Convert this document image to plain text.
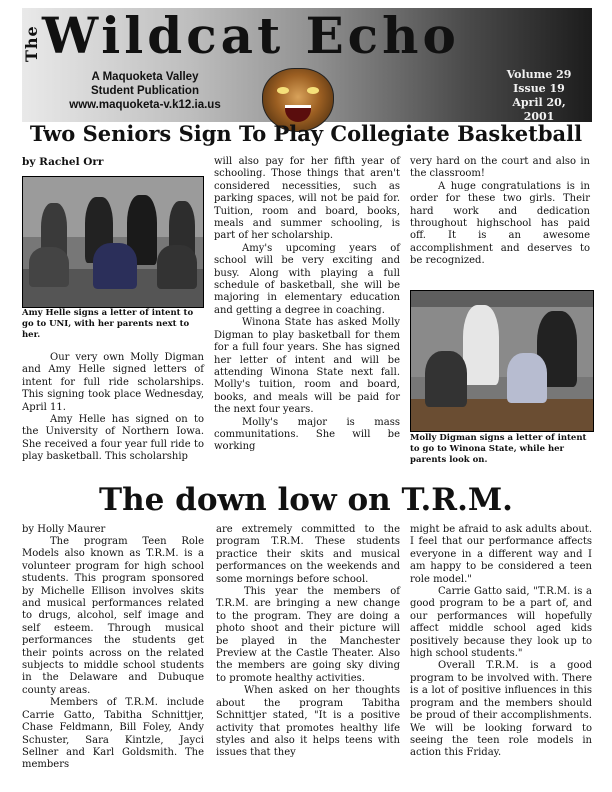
The Wildcat Echo
A Maquoketa Valley
Student Publication
www.maquoketa-v.k12.ia.us
Volume 29
Issue 19
April 20, 2001
Two Seniors Sign To Play Collegiate Basketball
by Rachel Orr
Amy Helle signs a letter of intent to go to UNI, with her parents next to her.

Our very own Molly Digman and Amy Helle signed letters of intent for full ride scholarships. This signing took place Wednesday, April 11.

Amy Helle has signed on to the University of Northern Iowa. She received a four year full ride to play basketball. This scholarship

will also pay for her fifth year of schooling. Those things that aren't considered necessities, such as parking spaces, will not be paid for. Tuition, room and board, books, meals and summer schooling, is part of her scholarship.

Amy's upcoming years of school will be very exciting and busy. Along with playing a full schedule of basketball, she will be majoring in elementary education and getting a degree in coaching.

Winona State has asked Molly Digman to play basketball for them for a full four years. She has signed her letter of intent and will be attending Winona State next fall. Molly's tuition, room and board, books, and meals will be paid for the next four years.

Molly's major is mass communitations. She will be working

very hard on the court and also in the classroom!

A huge congratulations is in order for these two girls. Their hard work and dedication throughout highschool has paid off. It is an awesome accomplishment and deserves to be recognized.

Molly Digman signs a letter of intent to go to Winona State, while her parents look on.
The down low on T.R.M.
by Holly Maurer

The program Teen Role Models also known as T.R.M. is a volunteer program for high school students. This program sponsored by Michelle Ellison involves skits and musical performances related to drugs, alcohol, self image and self esteem. Through musical performances the students get their points across on the related subjects to middle school students in the Delaware and Dubuque county areas.

Members of T.R.M. include Carrie Gatto, Tabitha Schnittjer, Chase Feldmann, Bill Foley, Andy Schuster, Sara Kintzle, Jayci Sellner and Karl Goldsmith. The members

are extremely committed to the program T.R.M. These students practice their skits and musical performances on the weekends and some mornings before school.

This year the members of T.R.M. are bringing a new change to the program. They are doing a photo shoot and their picture will be played in the Manchester Preview at the Castle Theater. Also the members are going sky diving to promote healthy activities.

When asked on her thoughts about the program Tabitha Schnittjer stated, "It is a positive activity that promotes healthy life styles and also it helps teens with issues that they

might be afraid to ask adults about. I feel that our performance affects everyone in a different way and I am happy to be considered a teen role model."

Carrie Gatto said, "T.R.M. is a good program to be a part of, and our performances will hopefully affect middle school aged kids positively because they look up to high school students."

Overall T.R.M. is a good program to be involved with. There is a lot of positive influences in this program and the members should be proud of their accomplishments. We will be looking forward to seeing the teen role models in action this Friday.
